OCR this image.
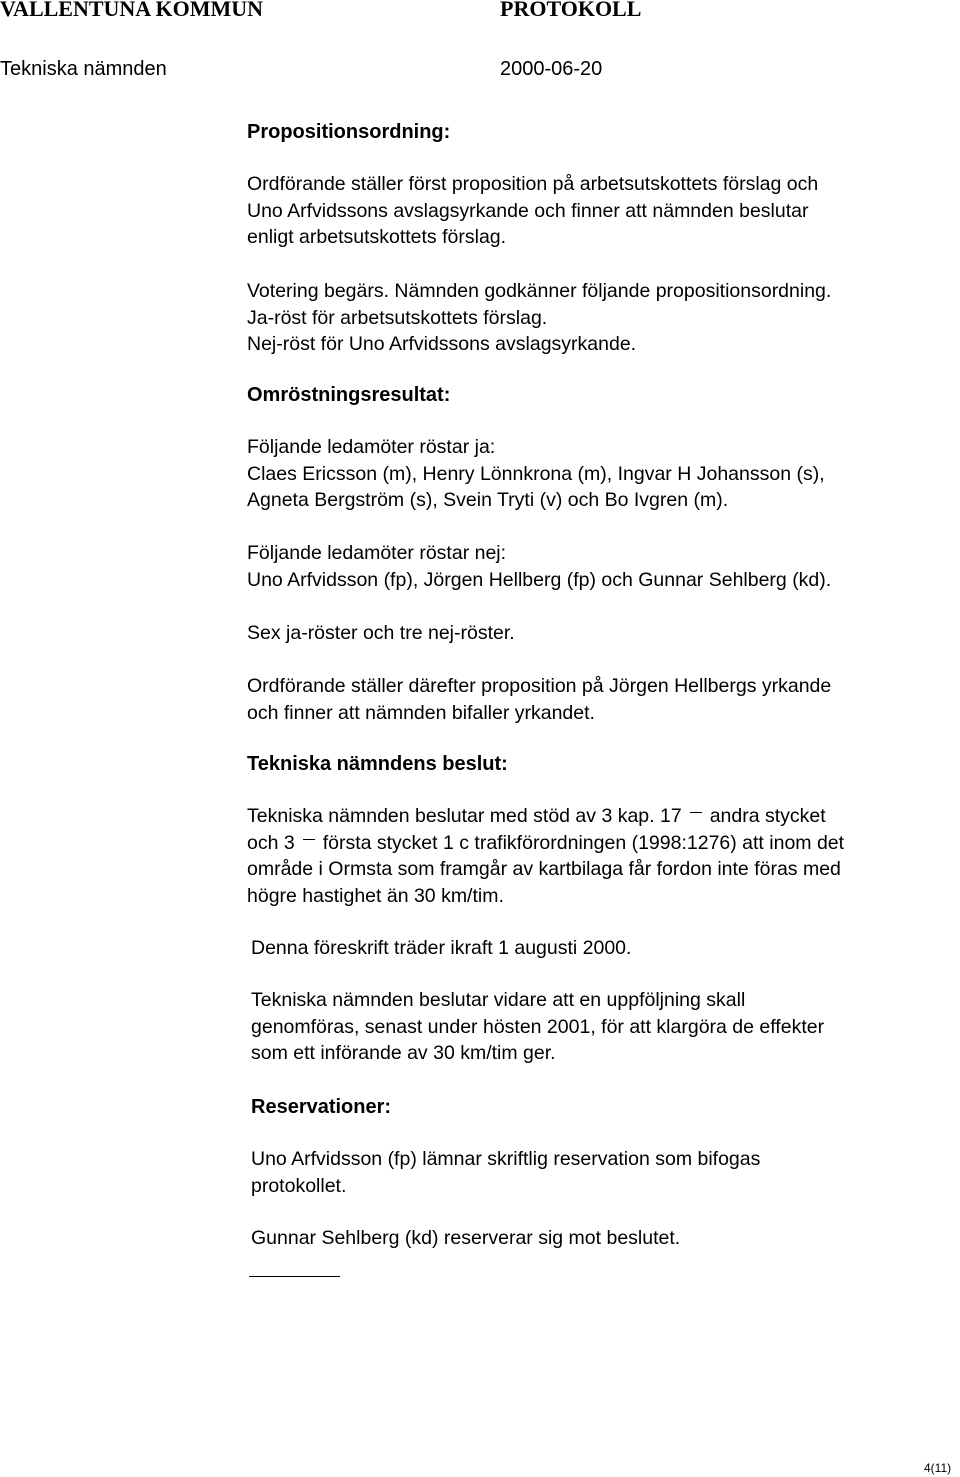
VALLENTUNA KOMMUN	PROTOKOLL
Tekniska nämnden	2000-06-20
Propositionsordning:
Ordförande ställer först proposition på arbetsutskottets förslag och
Uno Arfvidssons avslagsyrkande och finner att nämnden beslutar
enligt arbetsutskottets förslag.
Votering begärs. Nämnden godkänner följande propositionsordning.
Ja-röst för arbetsutskottets förslag.
Nej-röst för Uno Arfvidssons avslagsyrkande.
Omröstningsresultat:
Följande ledamöter röstar ja:
Claes Ericsson (m), Henry Lönnkrona (m), Ingvar H Johansson (s),
Agneta Bergström (s), Svein Tryti (v) och Bo Ivgren (m).
Följande ledamöter röstar nej:
Uno Arfvidsson (fp), Jörgen Hellberg (fp) och Gunnar Sehlberg (kd).
Sex ja-röster och tre nej-röster.
Ordförande ställer därefter proposition på Jörgen Hellbergs yrkande
och finner att nämnden bifaller yrkandet.
Tekniska nämndens beslut:
Tekniska nämnden beslutar med stöd av 3 kap. 17 andra stycket
och 3 första stycket 1 c trafikförordningen (1998:1276) att inom det
område i Ormsta som framgår av kartbilaga får fordon inte föras med
högre hastighet än 30 km/tim.
Denna föreskrift träder ikraft 1 augusti 2000.
Tekniska nämnden beslutar vidare att en uppföljning skall
genomföras, senast under hösten 2001, för att klargöra de effekter
som ett införande av 30 km/tim ger.
Reservationer:
Uno Arfvidsson (fp) lämnar skriftlig reservation som bifogas
protokollet.
Gunnar Sehlberg (kd) reserverar sig mot beslutet.
4(11)
